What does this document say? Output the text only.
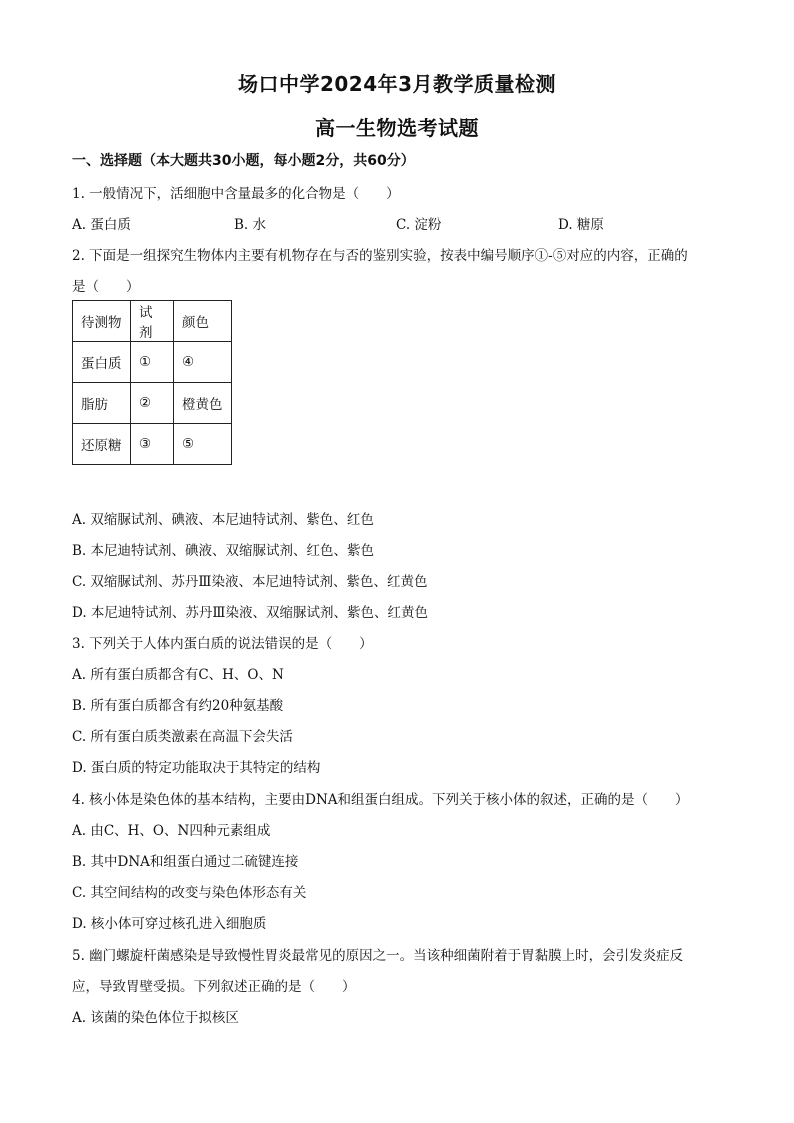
场口中学2024年3月教学质量检测
高一生物选考试题
一、选择题（本大题共30小题，每小题2分，共60分）
1. 一般情况下，活细胞中含量最多的化合物是（　　）
A. 蛋白质	B. 水	C. 淀粉	D. 糖原
2. 下面是一组探究生物体内主要有机物存在与否的鉴别实验，按表中编号顺序①-⑤对应的内容，正确的
是（　　）
待测物	试剂	颜色
蛋白质	①	④
脂肪	②	橙黄色
还原糖	③	⑤
A. 双缩脲试剂、碘液、本尼迪特试剂、紫色、红色
B. 本尼迪特试剂、碘液、双缩脲试剂、红色、紫色
C. 双缩脲试剂、苏丹Ⅲ染液、本尼迪特试剂、紫色、红黄色
D. 本尼迪特试剂、苏丹Ⅲ染液、双缩脲试剂、紫色、红黄色
3. 下列关于人体内蛋白质的说法错误的是（　　）
A. 所有蛋白质都含有C、H、O、N
B. 所有蛋白质都含有约20种氨基酸
C. 所有蛋白质类激素在高温下会失活
D. 蛋白质的特定功能取决于其特定的结构
4. 核小体是染色体的基本结构，主要由DNA和组蛋白组成。下列关于核小体的叙述，正确的是（　　）
A. 由C、H、O、N四种元素组成
B. 其中DNA和组蛋白通过二硫键连接
C. 其空间结构的改变与染色体形态有关
D. 核小体可穿过核孔进入细胞质
5. 幽门螺旋杆菌感染是导致慢性胃炎最常见的原因之一。当该种细菌附着于胃黏膜上时，会引发炎症反
应，导致胃壁受损。下列叙述正确的是（　　）
A. 该菌的染色体位于拟核区
